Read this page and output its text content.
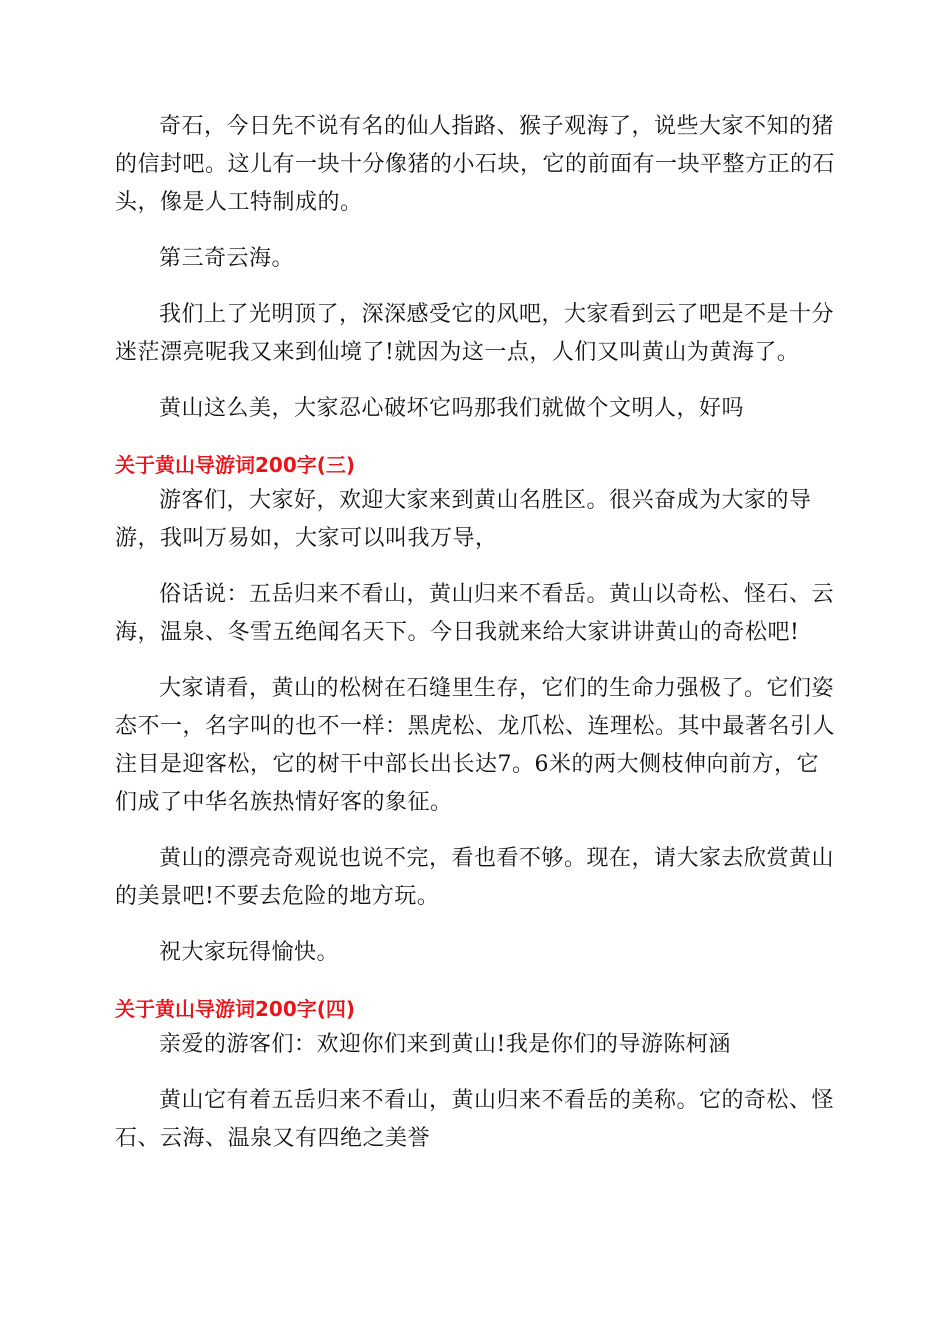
奇石，今日先不说有名的仙人指路、猴子观海了，说些大家不知的猪的信封吧。这儿有一块十分像猪的小石块，它的前面有一块平整方正的石头，像是人工特制成的。

第三奇云海。

我们上了光明顶了，深深感受它的风吧，大家看到云了吧是不是十分迷茫漂亮呢我又来到仙境了!就因为这一点，人们又叫黄山为黄海了。

黄山这么美，大家忍心破坏它吗那我们就做个文明人，好吗

关于黄山导游词200字(三)

游客们，大家好，欢迎大家来到黄山名胜区。很兴奋成为大家的导游，我叫万易如，大家可以叫我万导，

俗话说：五岳归来不看山，黄山归来不看岳。黄山以奇松、怪石、云海，温泉、冬雪五绝闻名天下。今日我就来给大家讲讲黄山的奇松吧!

大家请看，黄山的松树在石缝里生存，它们的生命力强极了。它们姿态不一，名字叫的也不一样：黑虎松、龙爪松、连理松。其中最著名引人注目是迎客松，它的树干中部长出长达7。6米的两大侧枝伸向前方，它们成了中华名族热情好客的象征。

黄山的漂亮奇观说也说不完，看也看不够。现在，请大家去欣赏黄山的美景吧!不要去危险的地方玩。

祝大家玩得愉快。

关于黄山导游词200字(四)

亲爱的游客们：欢迎你们来到黄山!我是你们的导游陈柯涵

黄山它有着五岳归来不看山，黄山归来不看岳的美称。它的奇松、怪石、云海、温泉又有四绝之美誉
